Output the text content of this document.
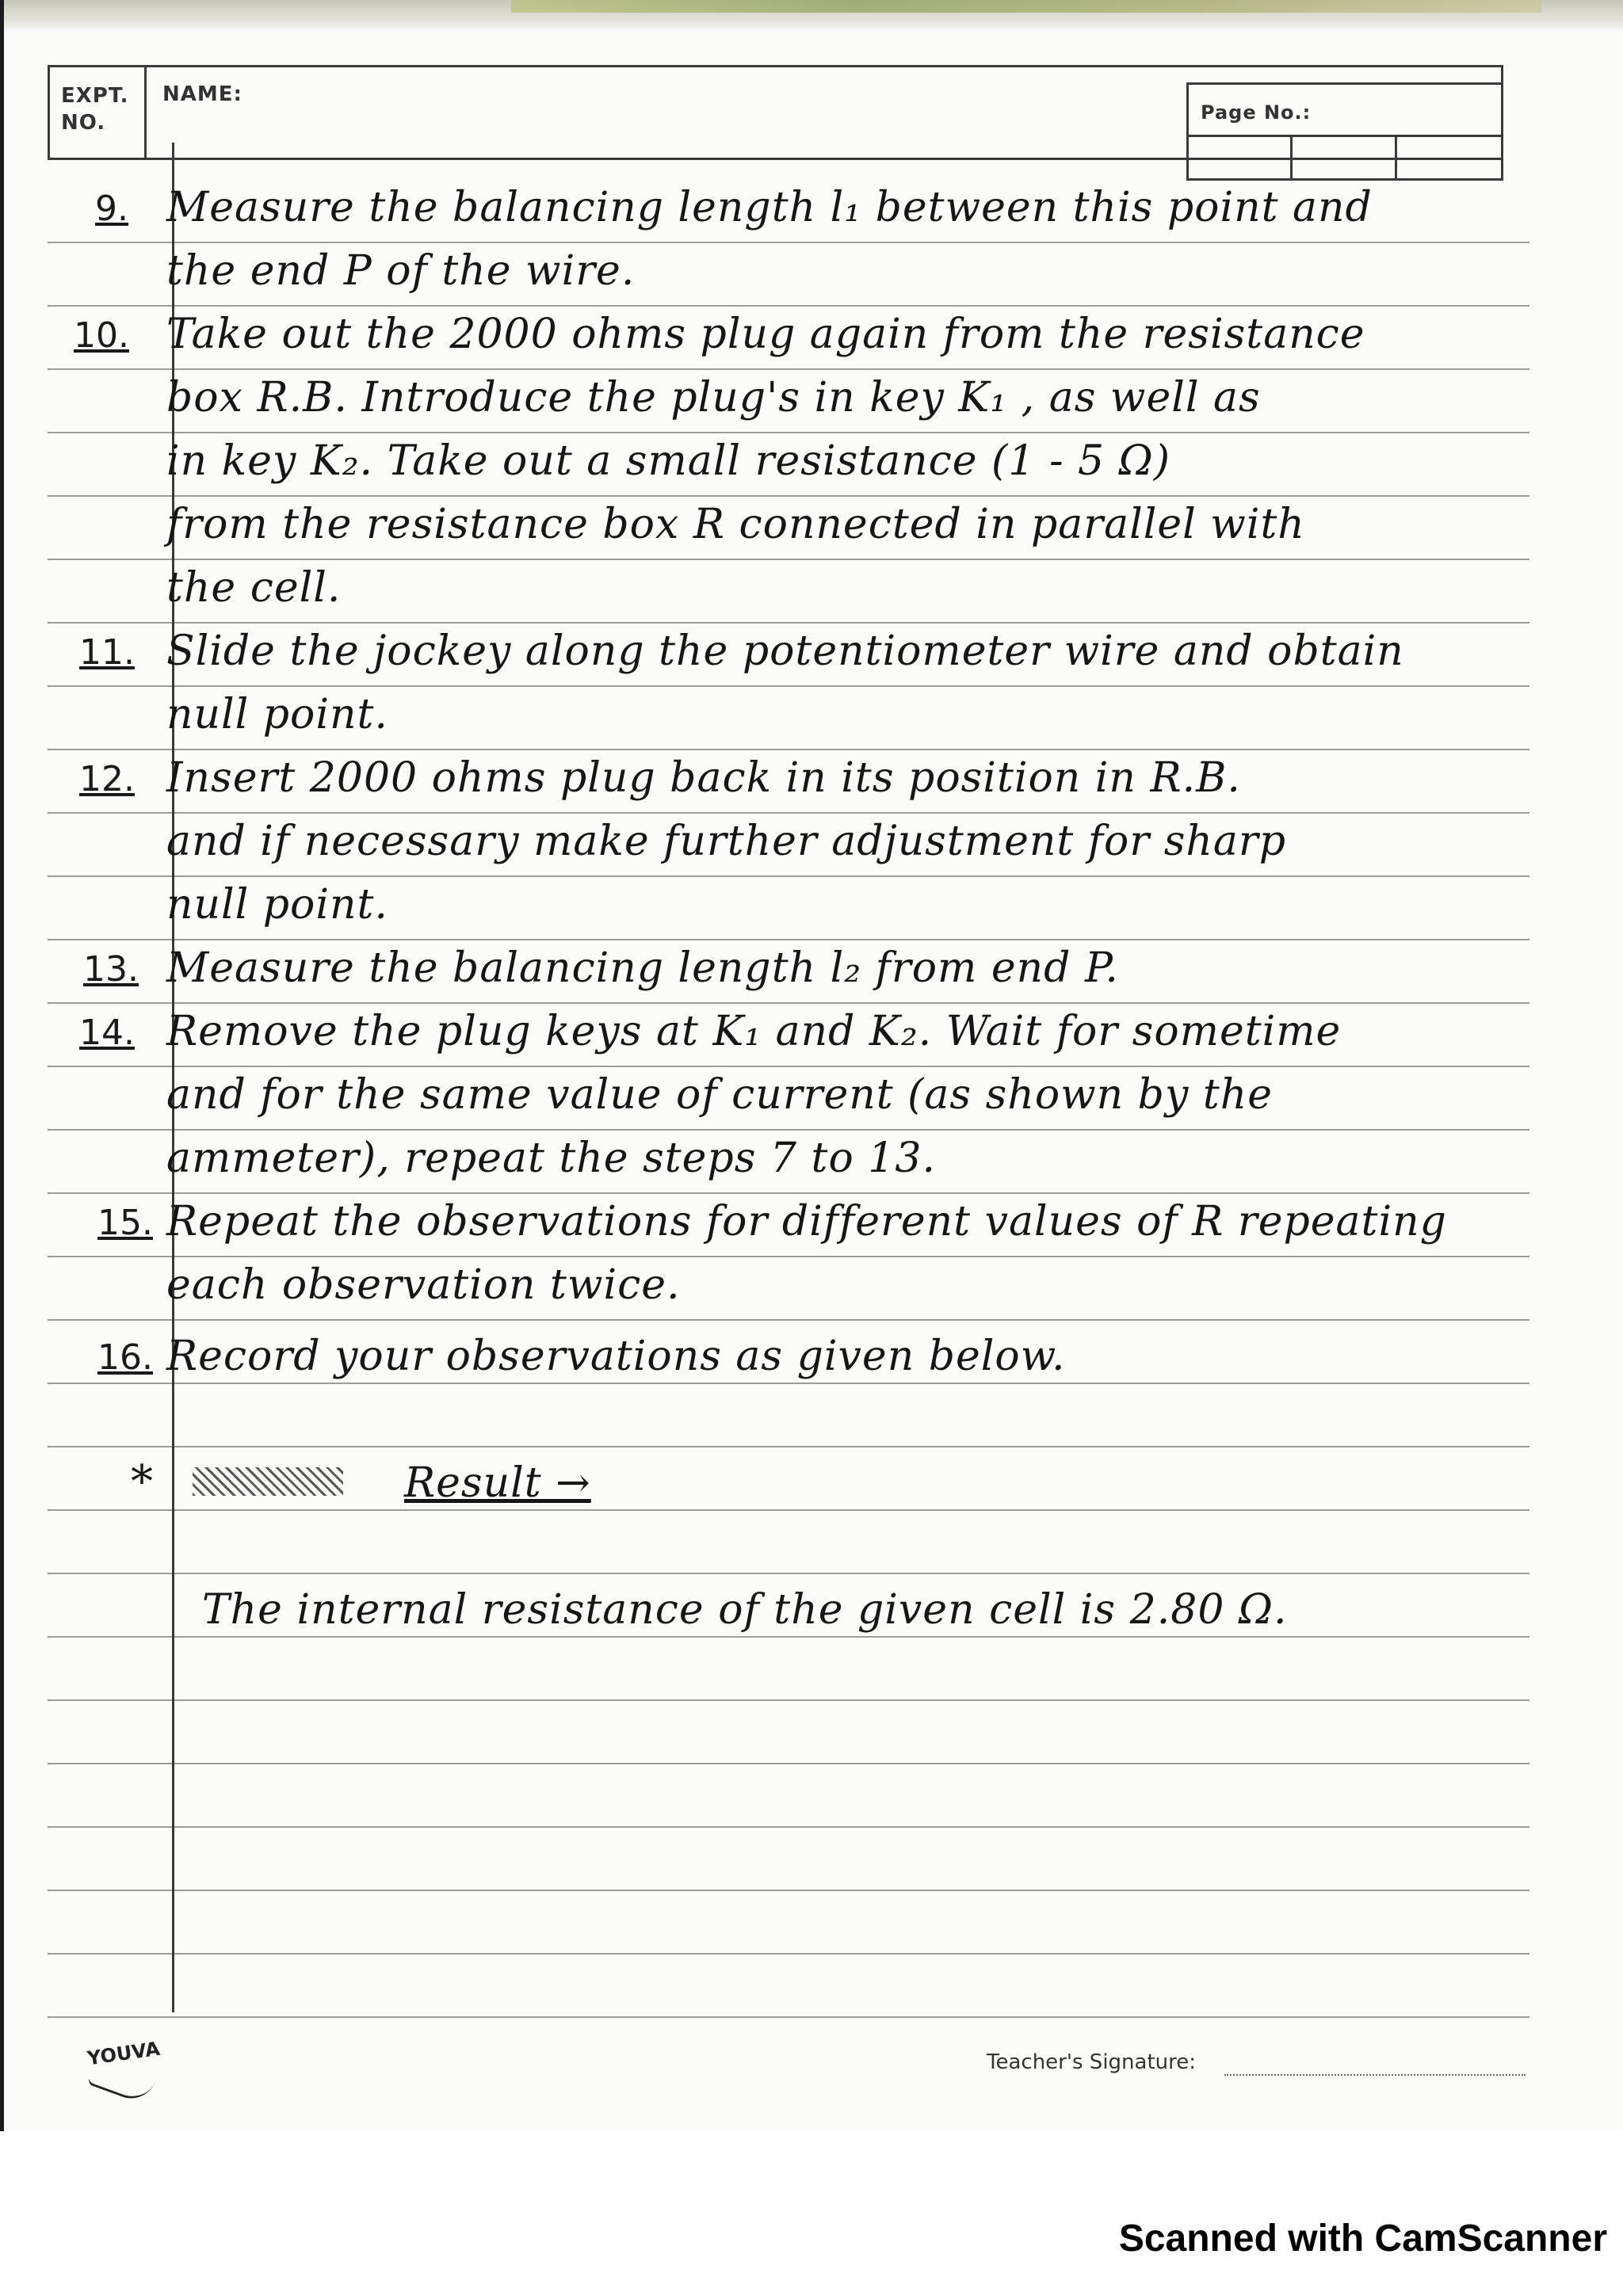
EXPT. NO.
NAME:
Page No.:
9. Measure the balancing length l₁ between this point and
the end P of the wire.
10. Take out the 2000 ohms plug again from the resistance
box R.B. Introduce the plug's in key K₁ , as well as
in key K₂. Take out a small resistance (1 - 5 Ω)
from the resistance box R connected in parallel with
the cell.
11. Slide the jockey along the potentiometer wire and obtain
null point.
12. Insert 2000 ohms plug back in its position in R.B.
and if necessary make further adjustment for sharp
null point.
13. Measure the balancing length l₂ from end P.
14. Remove the plug keys at K₁ and K₂. Wait for sometime
and for the same value of current (as shown by the
ammeter), repeat the steps 7 to 13.
15. Repeat the observations for different values of R repeating
each observation twice.
16. Record your observations as given below.
*	Result →
The internal resistance of the given cell is 2.80 Ω.
YOUVA	Teacher's Signature:
Scanned with CamScanner
